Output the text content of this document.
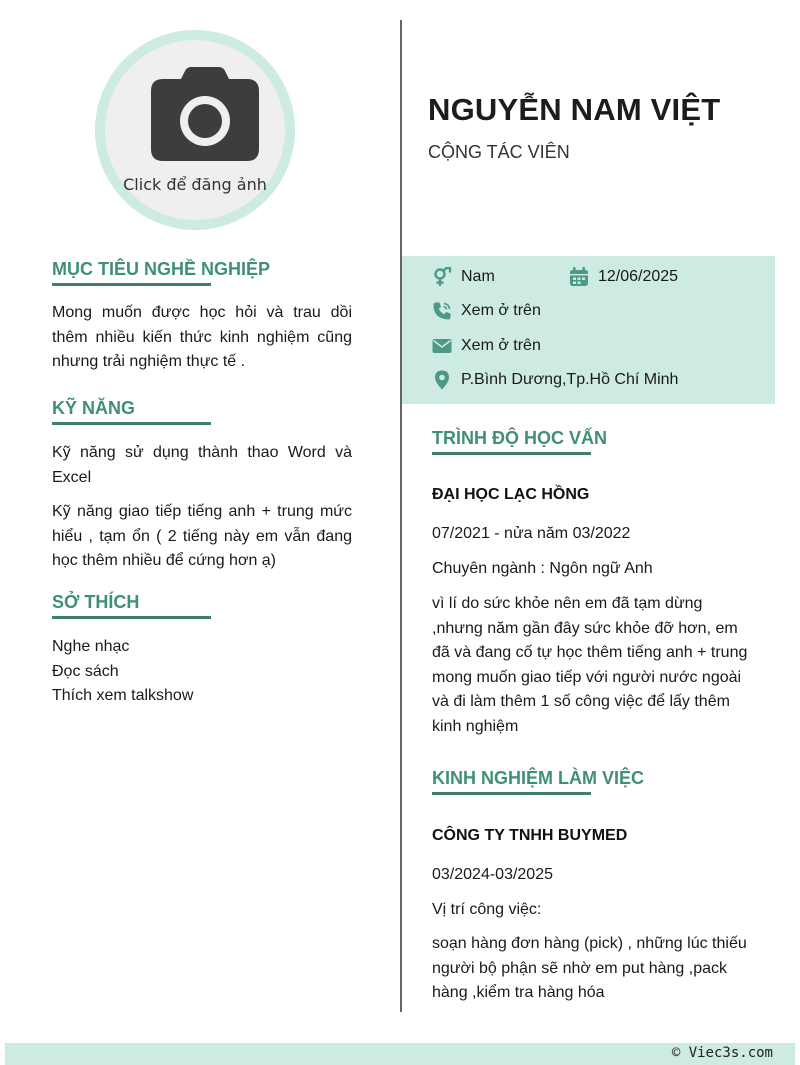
Click để đăng ảnh
MỤC TIÊU NGHỀ NGHIỆP

Mong muốn được học hỏi và trau dồi thêm nhiều kiến thức kinh nghiệm cũng nhưng trải nghiệm thực tế .

KỸ NĂNG

Kỹ năng sử dụng thành thao Word và Excel

Kỹ năng giao tiếp tiếng anh + trung mức hiểu , tạm ổn ( 2 tiếng này em vẫn đang học thêm nhiều để cứng hơn ạ)

SỞ THÍCH
Nghe nhạc
Đọc sách
Thích xem talkshow
NGUYỄN NAM VIỆT
CỘNG TÁC VIÊN
Nam	12/06/2025
Xem ở trên
Xem ở trên
P.Bình Dương,Tp.Hồ Chí Minh
TRÌNH ĐỘ HỌC VẤN
ĐẠI HỌC LẠC HỒNG
07/2021 - nửa năm 03/2022
Chuyên ngành : Ngôn ngữ Anh
vì lí do sức khỏe nên em đã tạm dừng ,nhưng năm gần đây sức khỏe đỡ hơn, em đã và đang cố tự học thêm tiếng anh + trung mong muốn giao tiếp với người nước ngoài và đi làm thêm 1 số công việc để lấy thêm kinh nghiệm
KINH NGHIỆM LÀM VIỆC
CÔNG TY TNHH BUYMED
03/2024-03/2025
Vị trí công việc:
soạn hàng đơn hàng (pick) , những lúc thiếu người bộ phận sẽ nhờ em put hàng ,pack hàng ,kiểm tra hàng hóa
© Viec3s.com
